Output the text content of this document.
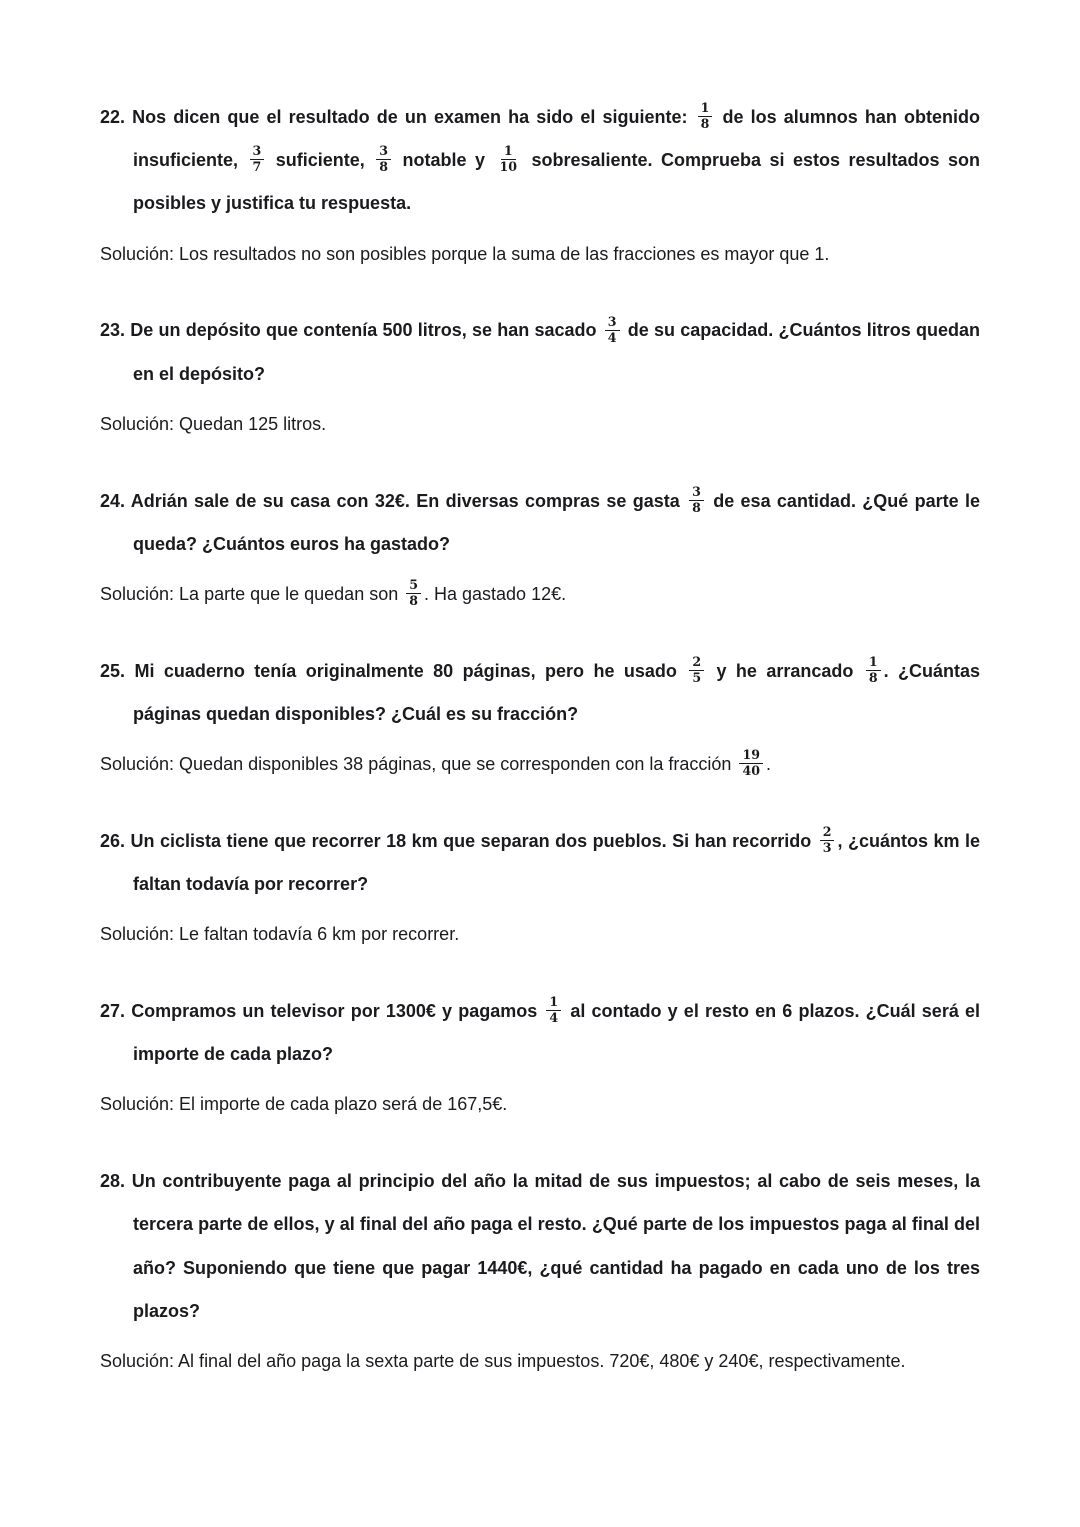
22. Nos dicen que el resultado de un examen ha sido el siguiente: $\frac{1}{8}$ de los alumnos han obtenido insuficiente, $\frac{3}{7}$ suficiente, $\frac{3}{8}$ notable y $\frac{1}{10}$ sobresaliente. Comprueba si estos resultados son posibles y justifica tu respuesta.

Solución: Los resultados no son posibles porque la suma de las fracciones es mayor que 1.

23. De un depósito que contenía 500 litros, se han sacado $\frac{3}{4}$ de su capacidad. ¿Cuántos litros quedan en el depósito?

Solución: Quedan 125 litros.

24. Adrián sale de su casa con 32€. En diversas compras se gasta $\frac{3}{8}$ de esa cantidad. ¿Qué parte le queda? ¿Cuántos euros ha gastado?

Solución: La parte que le quedan son $\frac{5}{8}$ . Ha gastado 12€.

25. Mi cuaderno tenía originalmente 80 páginas, pero he usado $\frac{2}{5}$ y he arrancado $\frac{1}{8}$ . ¿Cuántas páginas quedan disponibles? ¿Cuál es su fracción?

Solución: Quedan disponibles 38 páginas, que se corresponden con la fracción $\frac{19}{40}$ .

26. Un ciclista tiene que recorrer 18 km que separan dos pueblos. Si han recorrido $\frac{2}{3}$ , ¿cuántos km le faltan todavía por recorrer?

Solución: Le faltan todavía 6 km por recorrer.

27. Compramos un televisor por 1300€ y pagamos $\frac{1}{4}$ al contado y el resto en 6 plazos. ¿Cuál será el importe de cada plazo?

Solución: El importe de cada plazo será de 167,5€.

28. Un contribuyente paga al principio del año la mitad de sus impuestos; al cabo de seis meses, la tercera parte de ellos, y al final del año paga el resto. ¿Qué parte de los impuestos paga al final del año? Suponiendo que tiene que pagar 1440€, ¿qué cantidad ha pagado en cada uno de los tres plazos?

Solución: Al final del año paga la sexta parte de sus impuestos. 720€, 480€ y 240€, respectivamente.
